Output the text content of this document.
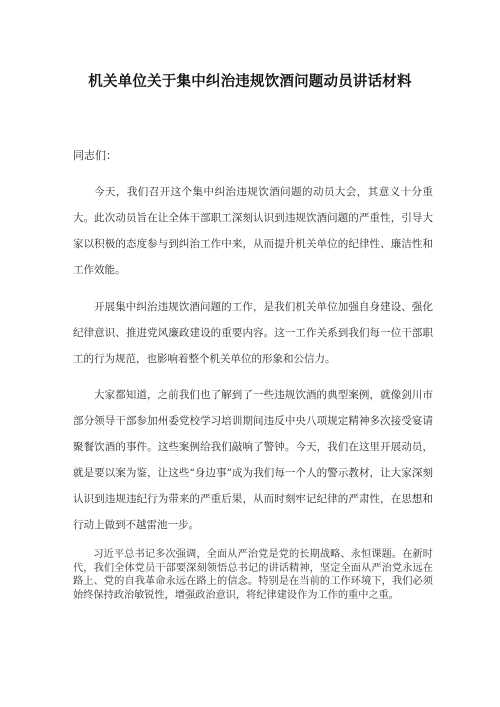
机关单位关于集中纠治违规饮酒问题动员讲话材料
同志们：

今天，我们召开这个集中纠治违规饮酒问题的动员大会，其意义十分重大。此次动员旨在让全体干部职工深刻认识到违规饮酒问题的严重性，引导大家以积极的态度参与到纠治工作中来，从而提升机关单位的纪律性、廉洁性和工作效能。

开展集中纠治违规饮酒问题的工作，是我们机关单位加强自身建设、强化纪律意识、推进党风廉政建设的重要内容。这一工作关系到我们每一位干部职工的行为规范，也影响着整个机关单位的形象和公信力。

大家都知道，之前我们也了解到了一些违规饮酒的典型案例，就像剑川市部分领导干部参加州委党校学习培训期间违反中央八项规定精神多次接受宴请聚餐饮酒的事件。这些案例给我们敲响了警钟。今天，我们在这里开展动员，就是要以案为鉴，让这些“身边事”成为我们每一个人的警示教材，让大家深刻认识到违规违纪行为带来的严重后果，从而时刻牢记纪律的严肃性，在思想和行动上做到不越雷池一步。

习近平总书记多次强调，全面从严治党是党的长期战略、永恒课题。在新时代，我们全体党员干部要深刻领悟总书记的讲话精神，坚定全面从严治党永远在路上、党的自我革命永远在路上的信念。特别是在当前的工作环境下，我们必须始终保持政治敏锐性，增强政治意识，将纪律建设作为工作的重中之重。
